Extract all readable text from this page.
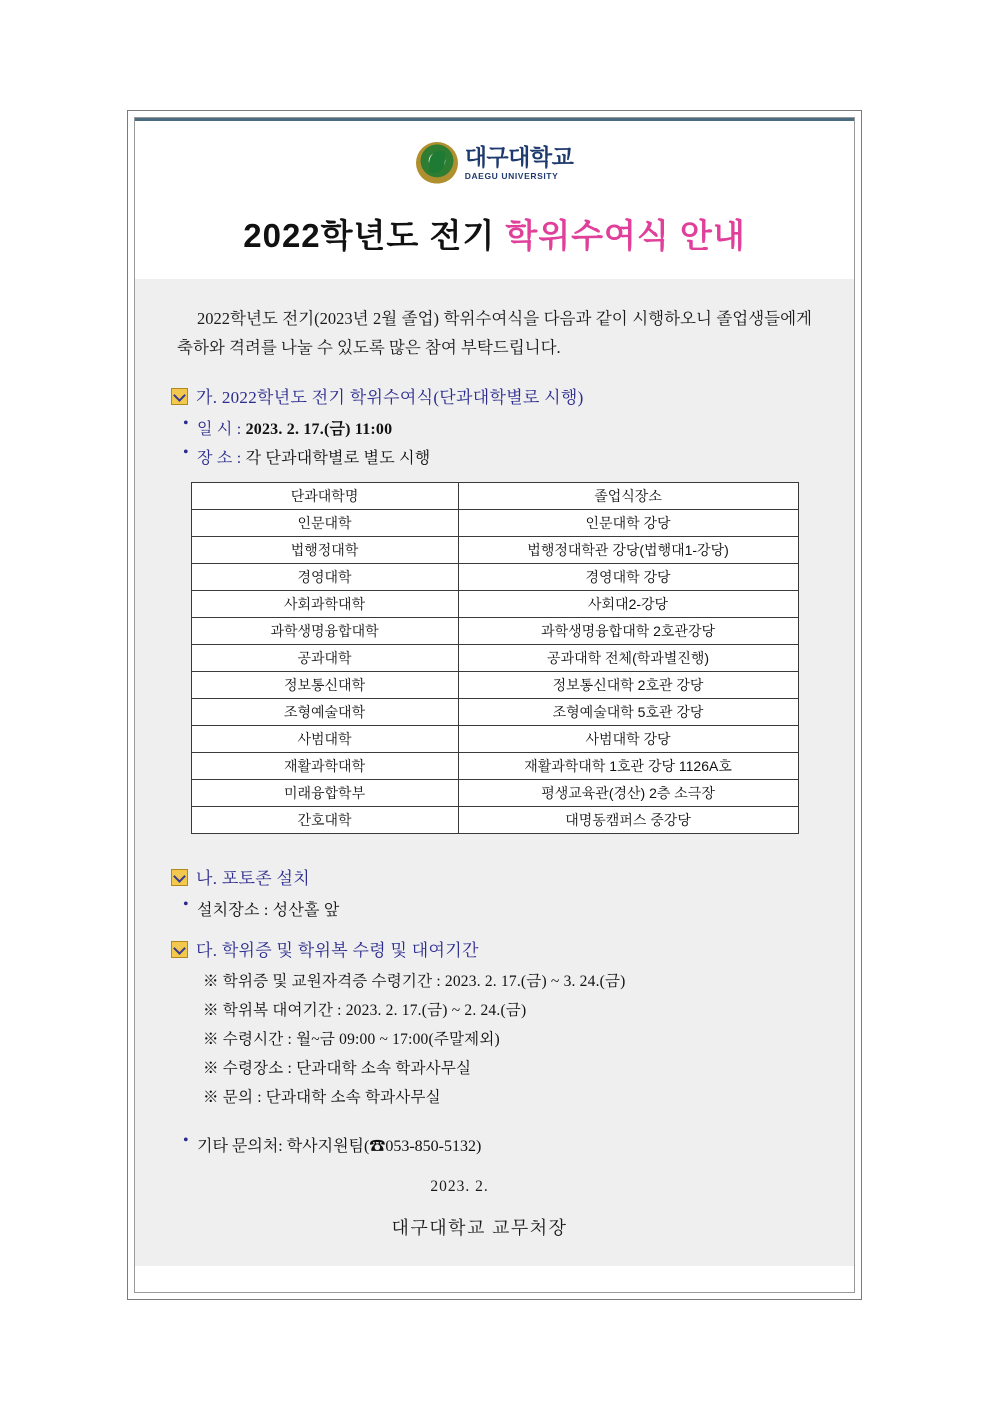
대구대학교
DAEGU UNIVERSITY
2022학년도 전기 학위수여식 안내

2022학년도 전기(2023년 2월 졸업) 학위수여식을 다음과 같이 시행하오니 졸업생들에게 축하와 격려를 나눌 수 있도록 많은 참여 부탁드립니다.

가. 2022학년도 전기 학위수여식(단과대학별로 시행)
• 일 시 : 2023. 2. 17.(금) 11:00
• 장 소 : 각 단과대학별로 별도 시행
단과대학명	졸업식장소
인문대학	인문대학 강당
법행정대학	법행정대학관 강당(법행대1-강당)
경영대학	경영대학 강당
사회과학대학	사회대2-강당
과학생명융합대학	과학생명융합대학 2호관강당
공과대학	공과대학 전체(학과별진행)
정보통신대학	정보통신대학 2호관 강당
조형예술대학	조형예술대학 5호관 강당
사범대학	사범대학 강당
재활과학대학	재활과학대학 1호관 강당 1126A호
미래융합학부	평생교육관(경산) 2층 소극장
간호대학	대명동캠퍼스 중강당
나. 포토존 설치
• 설치장소 : 성산홀 앞
다. 학위증 및 학위복 수령 및 대여기간
※ 학위증 및 교원자격증 수령기간 : 2023. 2. 17.(금) ~ 3. 24.(금)
※ 학위복 대여기간 : 2023. 2. 17.(금) ~ 2. 24.(금)
※ 수령시간 : 월~금 09:00 ~ 17:00(주말제외)
※ 수령장소 : 단과대학 소속 학과사무실
※ 문의 : 단과대학 소속 학과사무실
• 기타 문의처: 학사지원팀(☎053-850-5132)
2023. 2.
대구대학교 교무처장
